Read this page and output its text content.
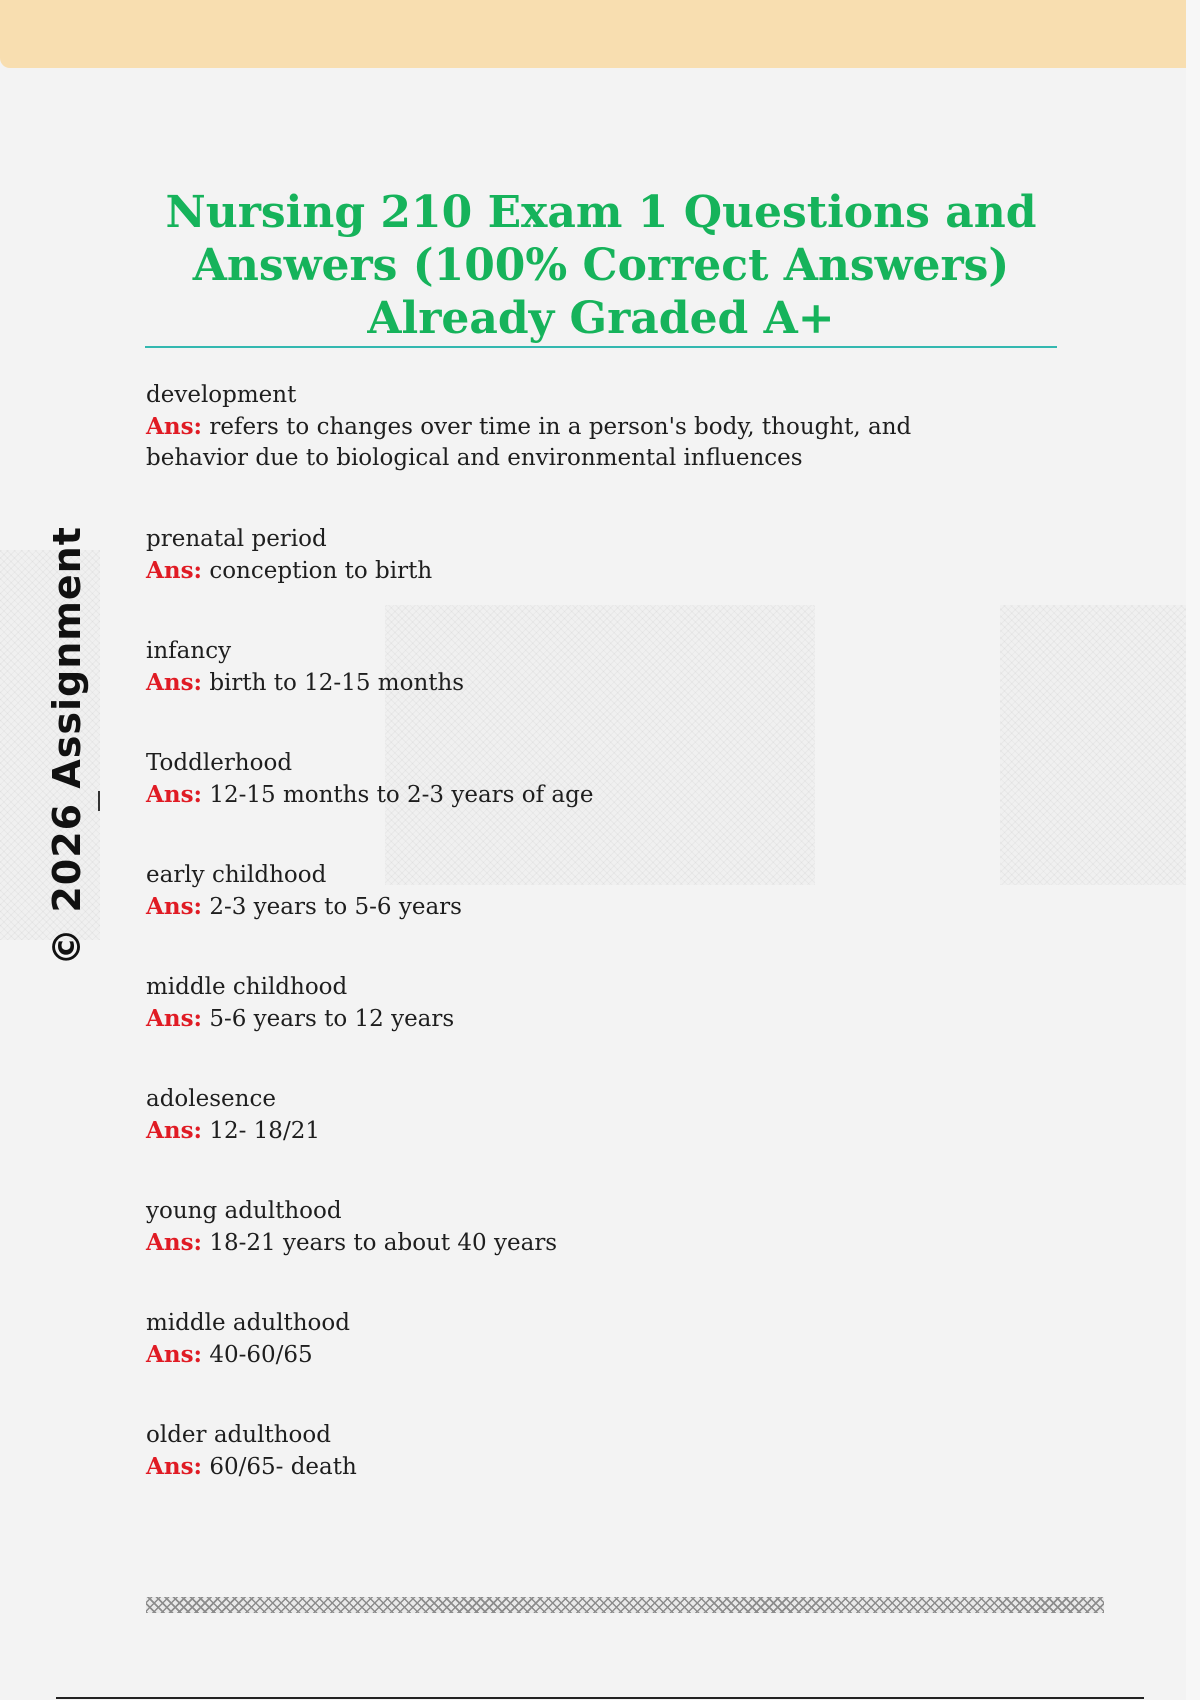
© 2026 Assignment
Nursing 210 Exam 1 Questions and
Answers (100% Correct Answers)
Already Graded A+
development
Ans: refers to changes over time in a person's body, thought, and
behavior due to biological and environmental influences
prenatal period
Ans: conception to birth
infancy
Ans: birth to 12-15 months
Toddlerhood
Ans: 12-15 months to 2-3 years of age
early childhood
Ans: 2-3 years to 5-6 years
middle childhood
Ans: 5-6 years to 12 years
adolesence
Ans: 12- 18/21
young adulthood
Ans: 18-21 years to about 40 years
middle adulthood
Ans: 40-60/65
older adulthood
Ans: 60/65- death
